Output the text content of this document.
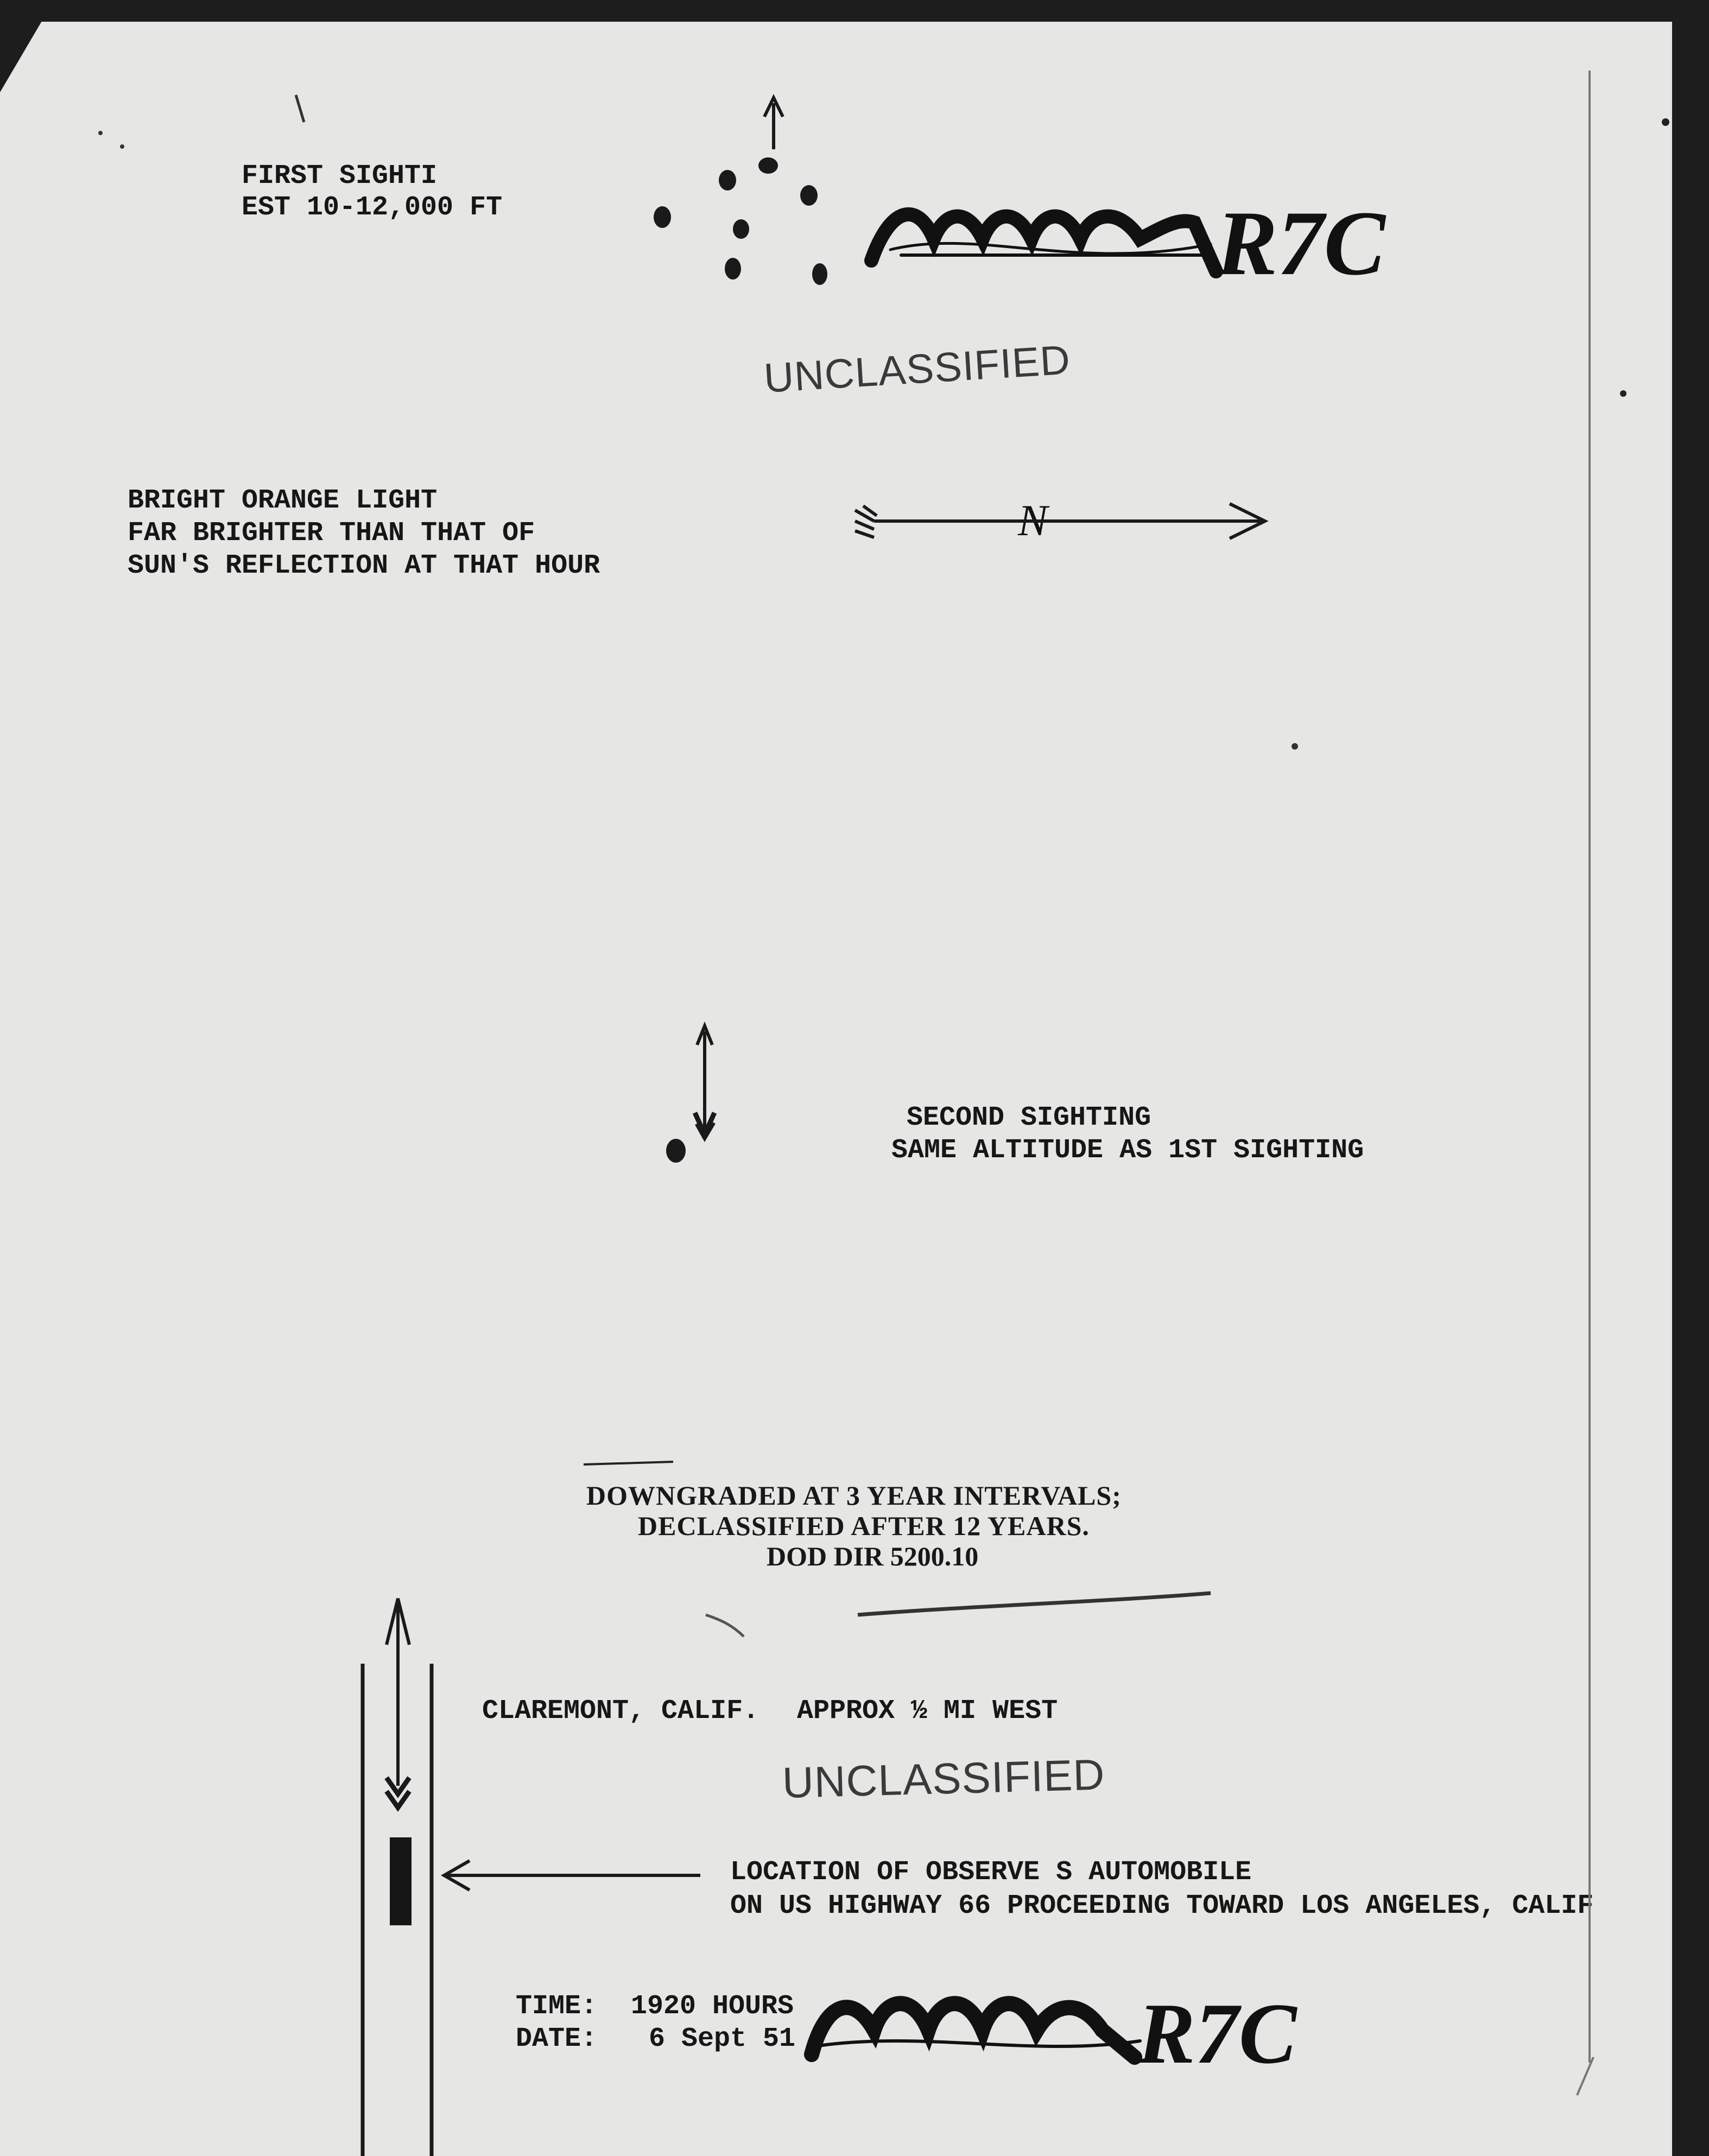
FIRST SIGHTI
EST 10-12,000 FT
UNCLASSIFIED
BRIGHT ORANGE LIGHT
FAR BRIGHTER THAN THAT OF
SUN'S REFLECTION AT THAT HOUR
N
SECOND SIGHTING
SAME ALTITUDE AS 1ST SIGHTING
DOWNGRADED AT 3 YEAR INTERVALS;
DECLASSIFIED AFTER 12 YEARS.
DOD DIR 5200.10
CLAREMONT, CALIF. APPROX ½ MI WEST
UNCLASSIFIED
LOCATION OF OBSERVE S AUTOMOBILE
ON US HIGHWAY 66 PROCEEDING TOWARD LOS ANGELES, CALIF
TIME: 1920 HOURS
DATE: 6 Sept 51
R7C
R7C
